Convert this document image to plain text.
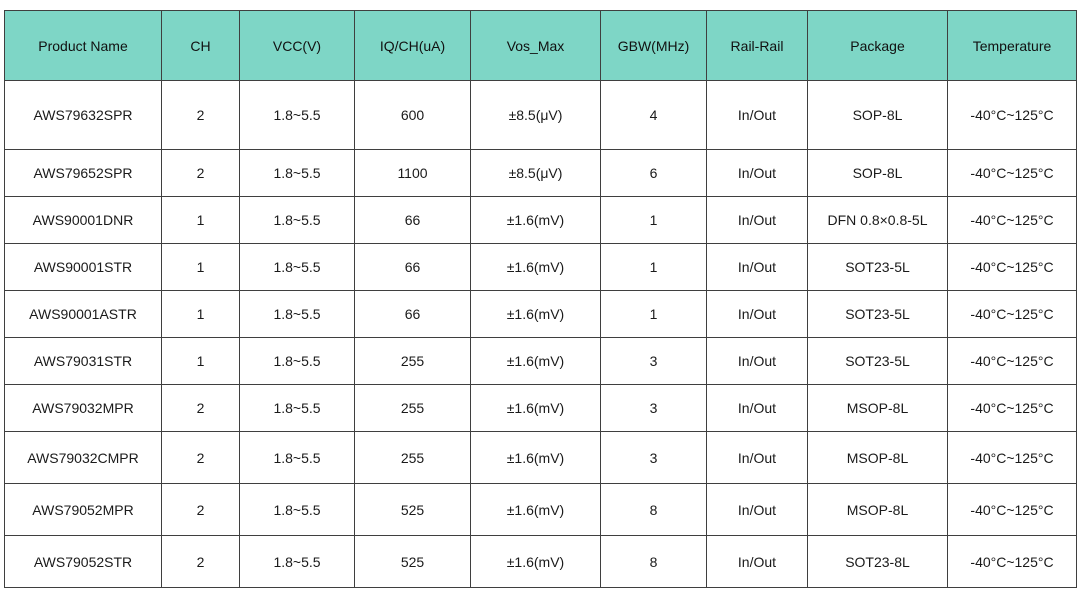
Product Name	CH	VCC(V)	IQ/CH(uA)	Vos_Max	GBW(MHz)	Rail-Rail	Package	Temperature
AWS79632SPR	2	1.8~5.5	600	±8.5(μV)	4	In/Out	SOP-8L	-40°C~125°C
AWS79652SPR	2	1.8~5.5	1100	±8.5(μV)	6	In/Out	SOP-8L	-40°C~125°C
AWS90001DNR	1	1.8~5.5	66	±1.6(mV)	1	In/Out	DFN 0.8×0.8-5L	-40°C~125°C
AWS90001STR	1	1.8~5.5	66	±1.6(mV)	1	In/Out	SOT23-5L	-40°C~125°C
AWS90001ASTR	1	1.8~5.5	66	±1.6(mV)	1	In/Out	SOT23-5L	-40°C~125°C
AWS79031STR	1	1.8~5.5	255	±1.6(mV)	3	In/Out	SOT23-5L	-40°C~125°C
AWS79032MPR	2	1.8~5.5	255	±1.6(mV)	3	In/Out	MSOP-8L	-40°C~125°C
AWS79032CMPR	2	1.8~5.5	255	±1.6(mV)	3	In/Out	MSOP-8L	-40°C~125°C
AWS79052MPR	2	1.8~5.5	525	±1.6(mV)	8	In/Out	MSOP-8L	-40°C~125°C
AWS79052STR	2	1.8~5.5	525	±1.6(mV)	8	In/Out	SOT23-8L	-40°C~125°C
